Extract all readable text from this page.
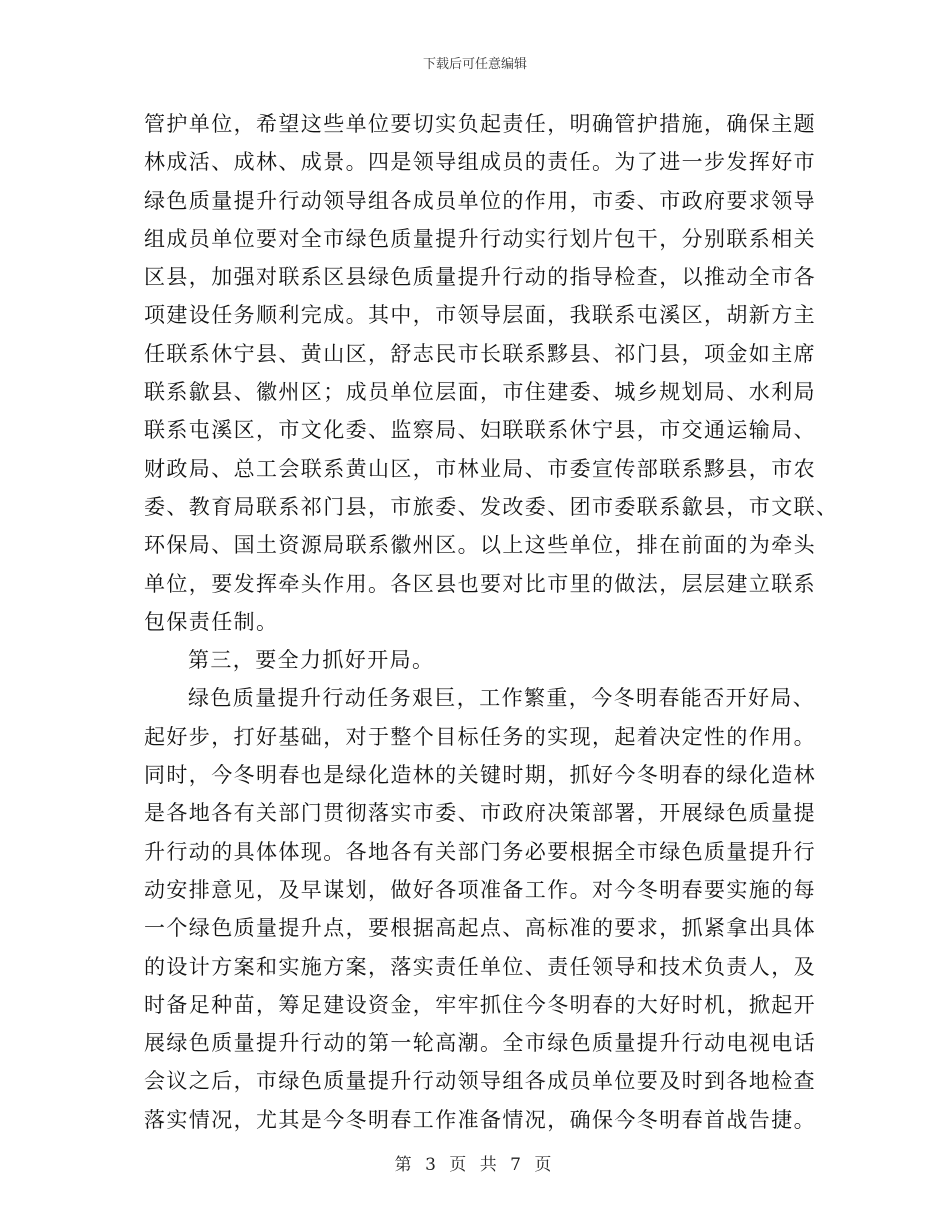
下载后可任意编辑
管护单位，希望这些单位要切实负起责任，明确管护措施，确保主题
林成活、成林、成景。四是领导组成员的责任。为了进一步发挥好市
绿色质量提升行动领导组各成员单位的作用，市委、市政府要求领导
组成员单位要对全市绿色质量提升行动实行划片包干，分别联系相关
区县，加强对联系区县绿色质量提升行动的指导检查，以推动全市各
项建设任务顺利完成。其中，市领导层面，我联系屯溪区，胡新方主
任联系休宁县、黄山区，舒志民市长联系黟县、祁门县，项金如主席
联系歙县、徽州区；成员单位层面，市住建委、城乡规划局、水利局
联系屯溪区，市文化委、监察局、妇联联系休宁县，市交通运输局、
财政局、总工会联系黄山区，市林业局、市委宣传部联系黟县，市农
委、教育局联系祁门县，市旅委、发改委、团市委联系歙县，市文联、
环保局、国土资源局联系徽州区。以上这些单位，排在前面的为牵头
单位，要发挥牵头作用。各区县也要对比市里的做法，层层建立联系
包保责任制。
第三，要全力抓好开局。
绿色质量提升行动任务艰巨，工作繁重，今冬明春能否开好局、
起好步，打好基础，对于整个目标任务的实现，起着决定性的作用。
同时，今冬明春也是绿化造林的关键时期，抓好今冬明春的绿化造林
是各地各有关部门贯彻落实市委、市政府决策部署，开展绿色质量提
升行动的具体体现。各地各有关部门务必要根据全市绿色质量提升行
动安排意见，及早谋划，做好各项准备工作。对今冬明春要实施的每
一个绿色质量提升点，要根据高起点、高标准的要求，抓紧拿出具体
的设计方案和实施方案，落实责任单位、责任领导和技术负责人，及
时备足种苗，筹足建设资金，牢牢抓住今冬明春的大好时机，掀起开
展绿色质量提升行动的第一轮高潮。全市绿色质量提升行动电视电话
会议之后，市绿色质量提升行动领导组各成员单位要及时到各地检查
落实情况，尤其是今冬明春工作准备情况，确保今冬明春首战告捷。
第 3 页 共 7 页
